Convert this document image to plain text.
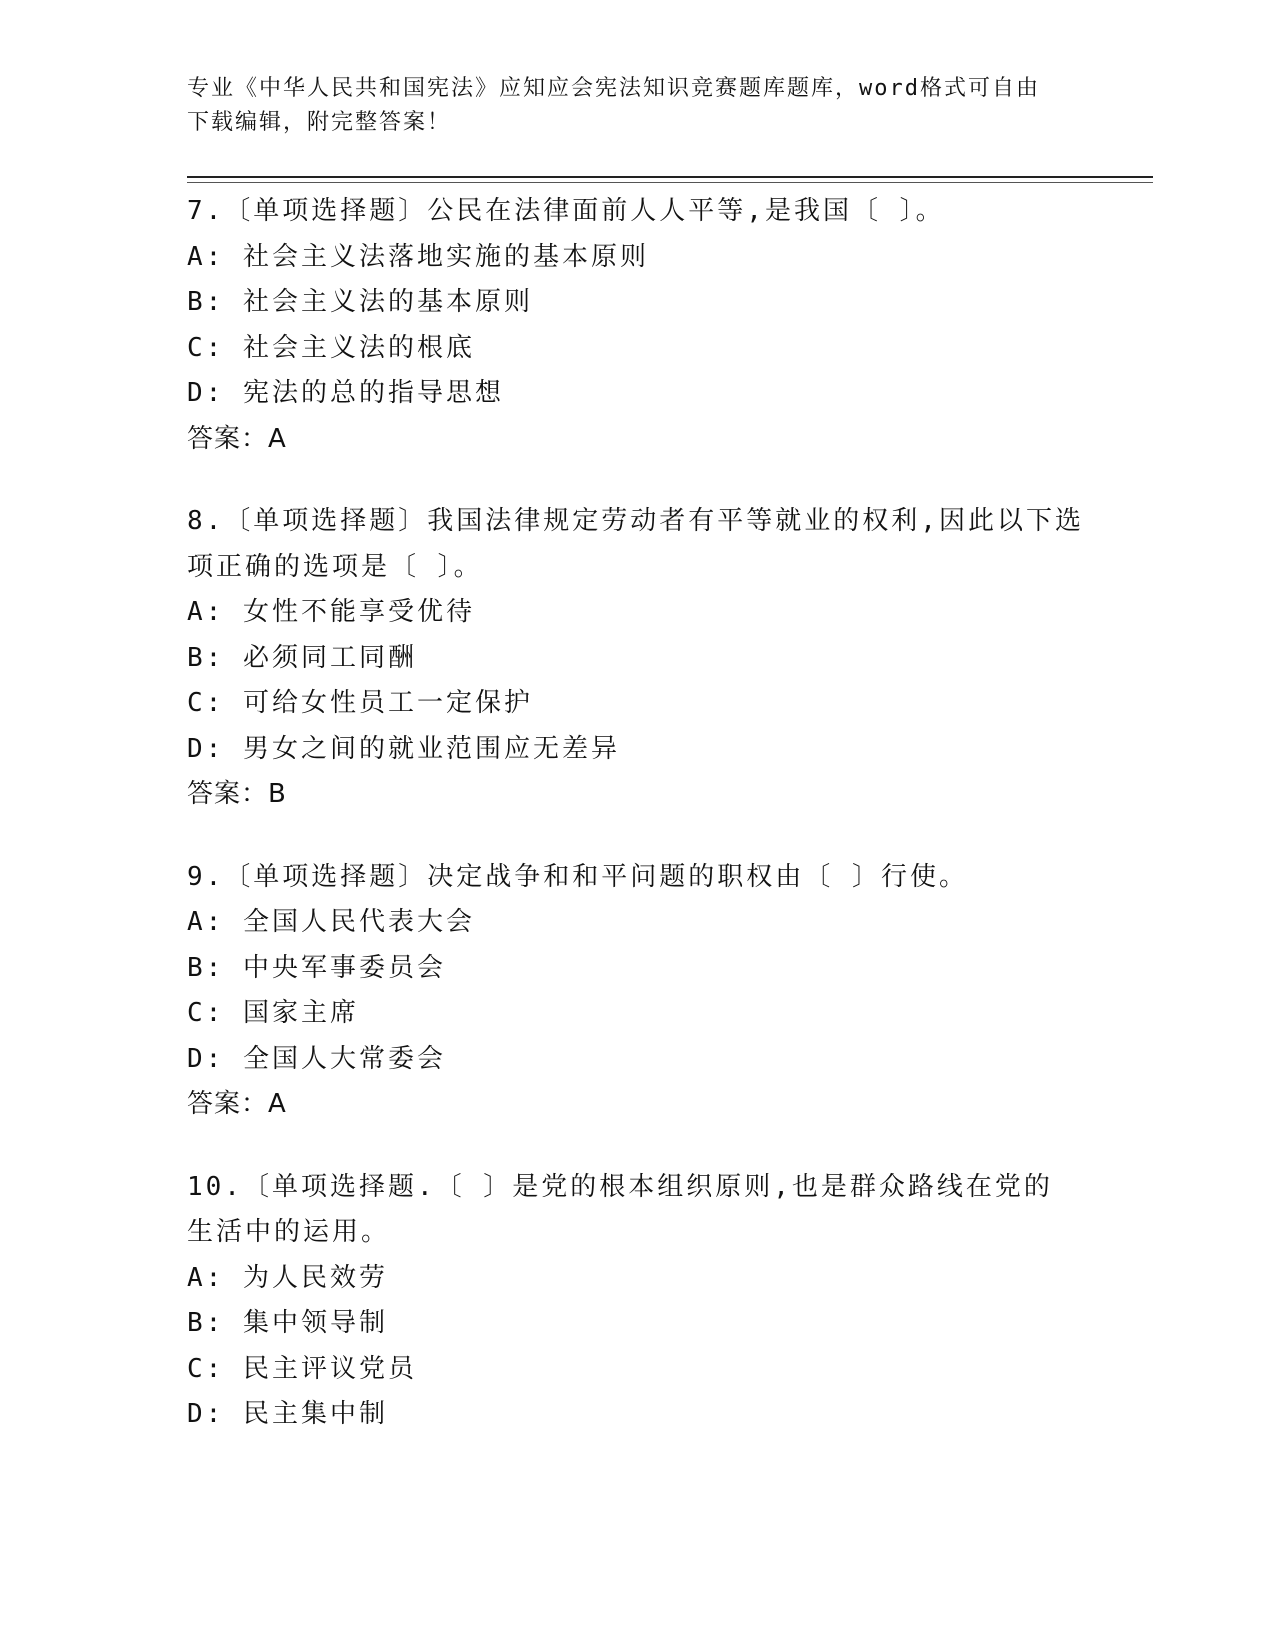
专业《中华人民共和国宪法》应知应会宪法知识竞赛题库题库，word格式可自由
下载编辑，附完整答案！
7.〔单项选择题〕公民在法律面前人人平等,是我国〔 〕。
A: 社会主义法落地实施的基本原则
B: 社会主义法的基本原则
C: 社会主义法的根底
D: 宪法的总的指导思想
答案：A
8.〔单项选择题〕我国法律规定劳动者有平等就业的权利,因此以下选
项正确的选项是〔 〕。
A: 女性不能享受优待
B: 必须同工同酬
C: 可给女性员工一定保护
D: 男女之间的就业范围应无差异
答案：B
9.〔单项选择题〕决定战争和和平问题的职权由〔 〕行使。
A: 全国人民代表大会
B: 中央军事委员会
C: 国家主席
D: 全国人大常委会
答案：A
10.〔单项选择题.〔 〕是党的根本组织原则,也是群众路线在党的
生活中的运用。
A: 为人民效劳
B: 集中领导制
C: 民主评议党员
D: 民主集中制
